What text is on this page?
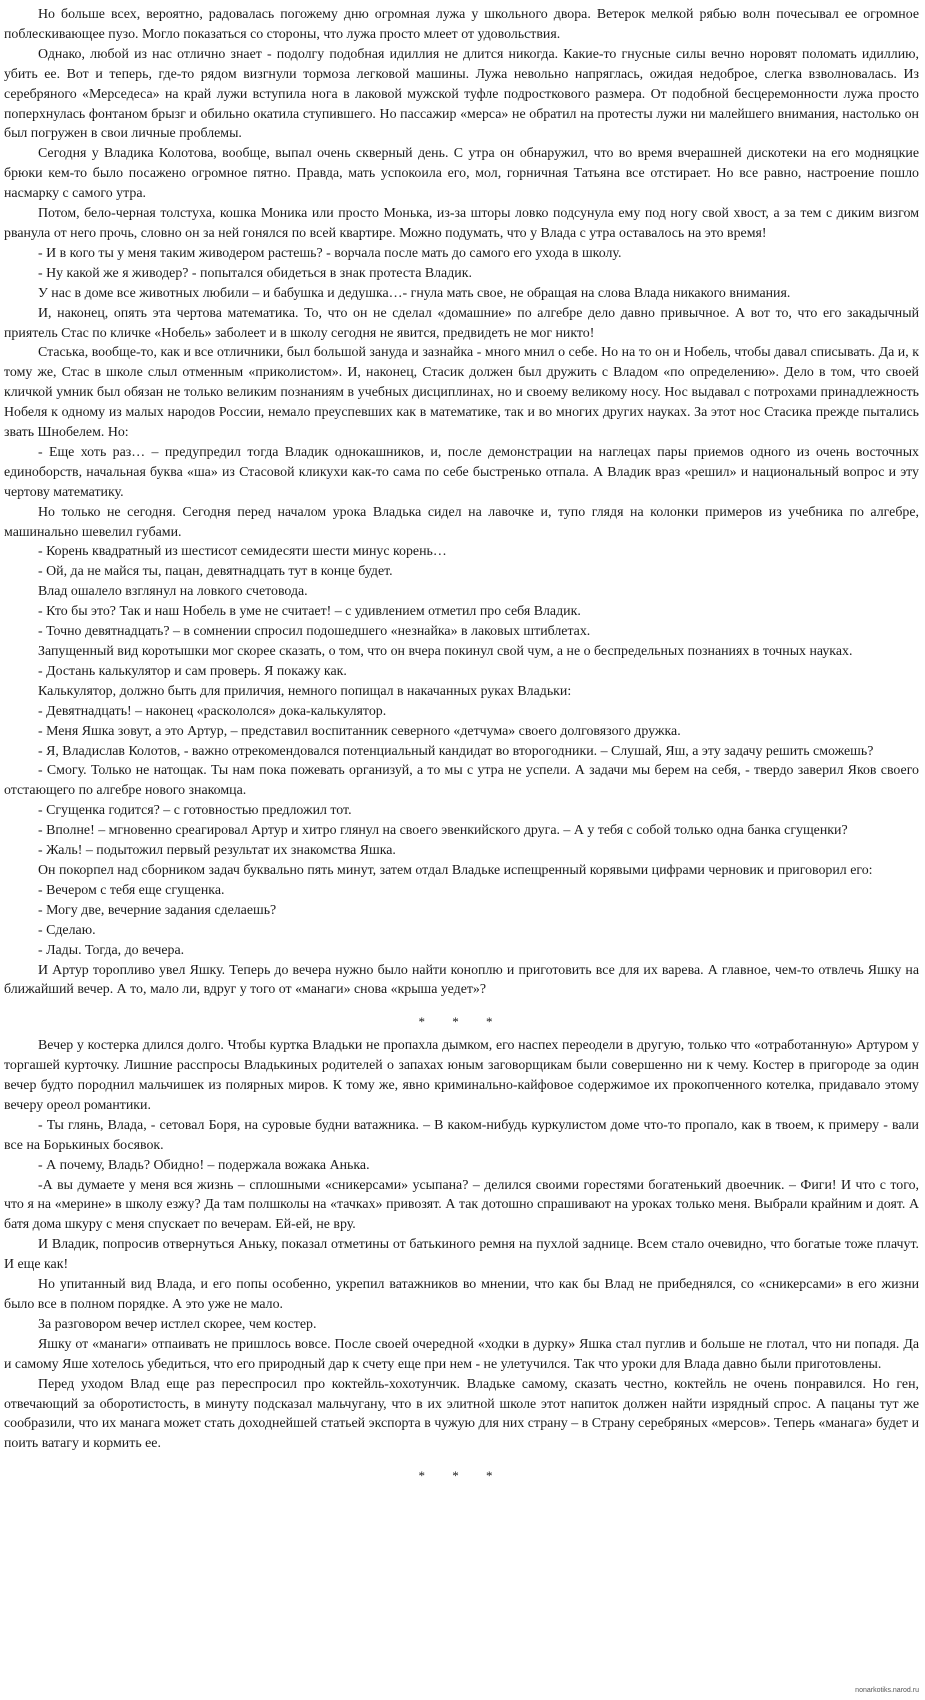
Но больше всех, вероятно, радовалась погожему дню огромная лужа у школьного двора. Ветерок мелкой рябью волн почесывал ее огромное поблескивающее пузо. Могло показаться со стороны, что лужа просто млеет от удовольствия.

Однако, любой из нас отлично знает - подолгу подобная идиллия не длится никогда. Какие-то гнусные силы вечно норовят поломать идиллию, убить ее. Вот и теперь, где-то рядом визгнули тормоза легковой машины. Лужа невольно напряглась, ожидая недоброе, слегка взволновалась. Из серебряного «Мерседеса» на край лужи вступила нога в лаковой мужской туфле подросткового размера. От подобной бесцеремонности лужа просто поперхнулась фонтаном брызг и обильно окатила ступившего. Но пассажир «мерса» не обратил на протесты лужи ни малейшего внимания, настолько он был погружен в свои личные проблемы.

Сегодня у Владика Колотова, вообще, выпал очень скверный день. С утра он обнаружил, что во время вчерашней дискотеки на его модняцкие брюки кем-то было посажено огромное пятно. Правда, мать успокоила его, мол, горничная Татьяна все отстирает. Но все равно, настроение пошло насмарку с самого утра.

Потом, бело-черная толстуха, кошка Моника или просто Монька, из-за шторы ловко подсунула ему под ногу свой хвост, а за тем с диким визгом рванула от него прочь, словно он за ней гонялся по всей квартире. Можно подумать, что у Влада с утра оставалось на это время!

- И в кого ты у меня таким живодером растешь? - ворчала после мать до самого его ухода в школу.

- Ну какой же я живодер? - попытался обидеться в знак протеста Владик.

У нас в доме все животных любили – и бабушка и дедушка…- гнула мать свое, не обращая на слова Влада никакого внимания.

И, наконец, опять эта чертова математика. То, что он не сделал «домашние» по алгебре дело давно привычное. А вот то, что его закадычный приятель Стас по кличке «Нобель» заболеет и в школу сегодня не явится, предвидеть не мог никто!

Стаська, вообще-то, как и все отличники, был большой зануда и зазнайка - много мнил о себе. Но на то он и Нобель, чтобы давал списывать. Да и, к тому же, Стас в школе слыл отменным «приколистом». И, наконец, Стасик должен был дружить с Владом «по определению». Дело в том, что своей кличкой умник был обязан не только великим познаниям в учебных дисциплинах, но и своему великому носу. Нос выдавал с потрохами принадлежность Нобеля к одному из малых народов России, немало преуспевших как в математике, так и во многих других науках. За этот нос Стасика прежде пытались звать Шнобелем. Но:

- Еще хоть раз… – предупредил тогда Владик однокашников, и, после демонстрации на наглецах пары приемов одного из очень восточных единоборств, начальная буква «ша» из Стасовой кликухи как-то сама по себе быстренько отпала. А Владик враз «решил» и национальный вопрос и эту чертову математику.

Но только не сегодня. Сегодня перед началом урока Владька сидел на лавочке и, тупо глядя на колонки примеров из учебника по алгебре, машинально шевелил губами.

- Корень квадратный из шестисот семидесяти шести минус корень…

- Ой, да не майся ты, пацан, девятнадцать тут в конце будет.

Влад ошалело взглянул на ловкого счетовода.

- Кто бы это? Так и наш Нобель в уме не считает! – с удивлением отметил про себя Владик.

- Точно девятнадцать? – в сомнении спросил подошедшего «незнайка» в лаковых штиблетах.

Запущенный вид коротышки мог скорее сказать, о том, что он вчера покинул свой чум, а не о беспредельных познаниях в точных науках.

- Достань калькулятор и сам проверь. Я покажу как.

Калькулятор, должно быть для приличия, немного попищал в накачанных руках Владьки:

- Девятнадцать! – наконец «раскололся» дока-калькулятор.

- Меня Яшка зовут, а это Артур, – представил воспитанник северного «детчума» своего долговязого дружка.

- Я, Владислав Колотов, - важно отрекомендовался потенциальный кандидат во второгодники. – Слушай, Яш, а эту задачу решить сможешь?

- Смогу. Только не натощак. Ты нам пока пожевать организуй, а то мы с утра не успели. А задачи мы берем на себя, - твердо заверил Яков своего отстающего по алгебре нового знакомца.

- Сгущенка годится? – с готовностью предложил тот.

- Вполне! – мгновенно среагировал Артур и хитро глянул на своего эвенкийского друга. – А у тебя с собой только одна банка сгущенки?

- Жаль! – подытожил первый результат их знакомства Яшка.

Он покорпел над сборником задач буквально пять минут, затем отдал Владьке испещренный корявыми цифрами черновик и приговорил его:

- Вечером с тебя еще сгущенка.

- Могу две, вечерние задания сделаешь?

- Сделаю.

- Лады. Тогда, до вечера.

И Артур торопливо увел Яшку. Теперь до вечера нужно было найти коноплю и приготовить все для их варева. А главное, чем-то отвлечь Яшку на ближайший вечер. А то, мало ли, вдруг у того от «манаги» снова «крыша уедет»?

* * *

Вечер у костерка длился долго. Чтобы куртка Владьки не пропахла дымком, его наспех переодели в другую, только что «отработанную» Артуром у торгашей курточку. Лишние расспросы Владькиных родителей о запахах юным заговорщикам были совершенно ни к чему. Костер в пригороде за один вечер будто породнил мальчишек из полярных миров. К тому же, явно криминально-кайфовое содержимое их прокопченного котелка, придавало этому вечеру ореол романтики.

- Ты глянь, Влада, - сетовал Боря, на суровые будни ватажника. – В каком-нибудь куркулистом доме что-то пропало, как в твоем, к примеру - вали все на Борькиных босявок.

- А почему, Владь? Обидно! – подержала вожака Анька.

-А вы думаете у меня вся жизнь – сплошными «сникерсами» усыпана? – делился своими горестями богатенький двоечник. – Фиги! И что с того, что я на «мерине» в школу езжу? Да там полшколы на «тачках» привозят. А так дотошно спрашивают на уроках только меня. Выбрали крайним и доят. А батя дома шкуру с меня спускает по вечерам. Ей-ей, не вру.

И Владик, попросив отвернуться Аньку, показал отметины от батькиного ремня на пухлой заднице. Всем стало очевидно, что богатые тоже плачут. И еще как!

Но упитанный вид Влада, и его попы особенно, укрепил ватажников во мнении, что как бы Влад не прибеднялся, со «сникерсами» в его жизни было все в полном порядке. А это уже не мало.

За разговором вечер истлел скорее, чем костер.

Яшку от «манаги» отпаивать не пришлось вовсе. После своей очередной «ходки в дурку» Яшка стал пуглив и больше не глотал, что ни попадя. Да и самому Яше хотелось убедиться, что его природный дар к счету еще при нем - не улетучился. Так что уроки для Влада давно были приготовлены.

Перед уходом Влад еще раз переспросил про коктейль-хохотунчик. Владьке самому, сказать честно, коктейль не очень понравился. Но ген, отвечающий за оборотистость, в минуту подсказал мальчугану, что в их элитной школе этот напиток должен найти изрядный спрос. А пацаны тут же сообразили, что их манага может стать доходнейшей статьей экспорта в чужую для них страну – в Страну серебряных «мерсов». Теперь «манага» будет и поить ватагу и кормить ее.

* * *

nonarkotiks.narod.ru
